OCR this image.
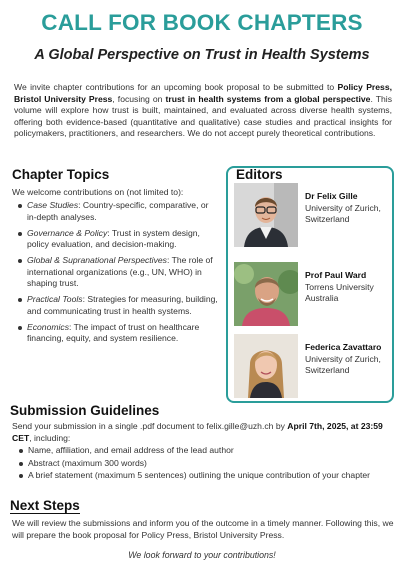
CALL FOR BOOK CHAPTERS
A Global Perspective on Trust in Health Systems

We invite chapter contributions for an upcoming book proposal to be submitted to Policy Press, Bristol University Press, focusing on trust in health systems from a global perspective. This volume will explore how trust is built, maintained, and evaluated across diverse health systems, offering both evidence-based (quantitative and qualitative) case studies and practical insights for policymakers, practitioners, and researchers. We do not accept purely theoretical contributions.

Chapter Topics
We welcome contributions on (not limited to):
Case Studies: Country-specific, comparative, or in-depth analyses.
Governance & Policy: Trust in system design, policy evaluation, and decision-making.
Global & Supranational Perspectives: The role of international organizations (e.g., UN, WHO) in shaping trust.
Practical Tools: Strategies for measuring, building, and communicating trust in health systems.
Economics: The impact of trust on healthcare financing, equity, and system resilience.
Editors
Dr Felix Gille
University of Zurich, Switzerland
Prof Paul Ward
Torrens University Australia
Federica Zavattaro
University of Zurich, Switzerland
Submission Guidelines

Send your submission in a single .pdf document to felix.gille@uzh.ch by April 7th, 2025, at 23:59 CET, including:

Name, affiliation, and email address of the lead author
Abstract (maximum 300 words)
A brief statement (maximum 5 sentences) outlining the unique contribution of your chapter
Next Steps

We will review the submissions and inform you of the outcome in a timely manner. Following this, we will prepare the book proposal for Policy Press, Bristol University Press.

We look forward to your contributions!
